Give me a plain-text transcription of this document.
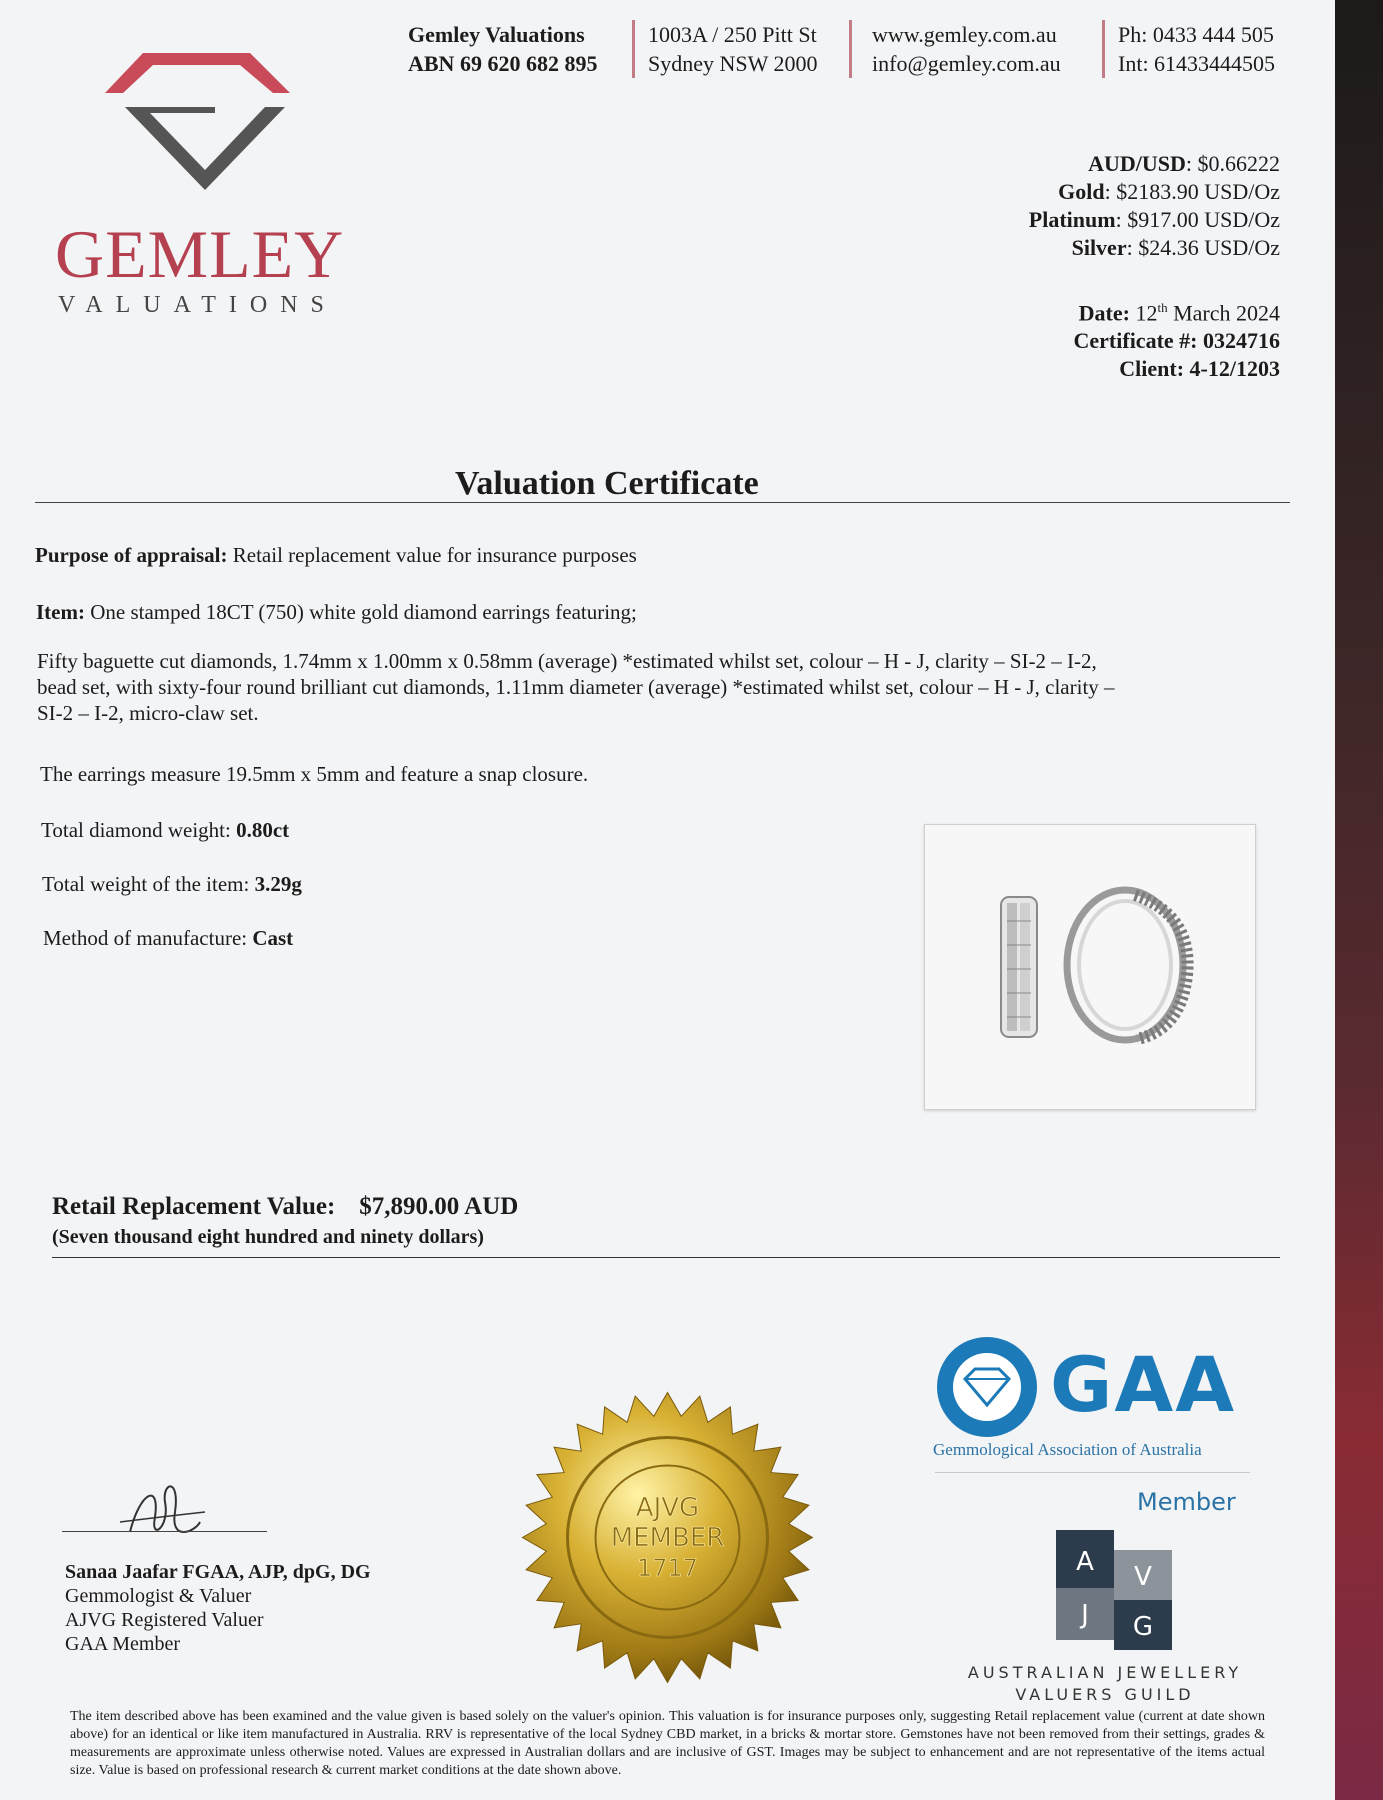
GEMLEY
VALUATIONS
Gemley Valuations
ABN 69 620 682 895
1003A / 250 Pitt St
Sydney NSW 2000
www.gemley.com.au
info@gemley.com.au
Ph: 0433 444 505
Int: 61433444505
AUD/USD: $0.66222
Gold: $2183.90 USD/Oz
Platinum: $917.00 USD/Oz
Silver: $24.36 USD/Oz
Date: 12th March 2024
Certificate #: 0324716
Client: 4-12/1203
Valuation Certificate
Purpose of appraisal: Retail replacement value for insurance purposes
Item: One stamped 18CT (750) white gold diamond earrings featuring;
Fifty baguette cut diamonds, 1.74mm x 1.00mm x 0.58mm (average) *estimated whilst set, colour – H - J, clarity – SI-2 – I-2,
bead set, with sixty-four round brilliant cut diamonds, 1.11mm diameter (average) *estimated whilst set, colour – H - J, clarity –
SI-2 – I-2, micro-claw set.
The earrings measure 19.5mm x 5mm and feature a snap closure.
Total diamond weight: 0.80ct
Total weight of the item: 3.29g
Method of manufacture: Cast
Retail Replacement Value: $7,890.00 AUD
(Seven thousand eight hundred and ninety dollars)
Sanaa Jaafar FGAA, AJP, dpG, DG
Gemmologist & Valuer
AJVG Registered Valuer
GAA Member
AJVG
MEMBER
1717
GAA
Gemmological Association of Australia
Member
A V
J G
AUSTRALIAN JEWELLERY
VALUERS GUILD
The item described above has been examined and the value given is based solely on the valuer's opinion. This valuation is for insurance purposes only, suggesting Retail replacement value (current at date shown above) for an identical or like item manufactured in Australia. RRV is representative of the local Sydney CBD market, in a bricks & mortar store. Gemstones have not been removed from their settings, grades & measurements are approximate unless otherwise noted. Values are expressed in Australian dollars and are inclusive of GST. Images may be subject to enhancement and are not representative of the items actual size. Value is based on professional research & current market conditions at the date shown above.
